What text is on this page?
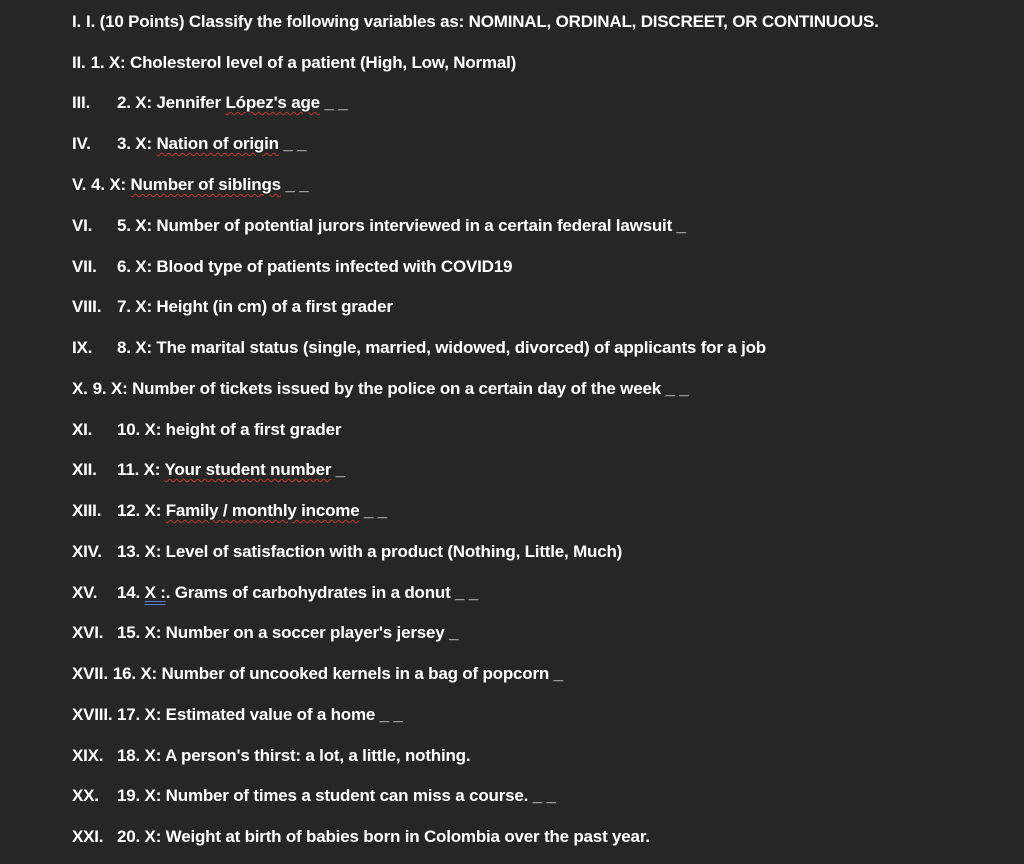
I. I. (10 Points) Classify the following variables as: NOMINAL, ORDINAL, DISCREET, OR CONTINUOUS.
II. 1. X: Cholesterol level of a patient (High, Low, Normal)
III.	2. X: Jennifer López's age _ _
IV.	3. X: Nation of origin _ _
V. 4. X: Number of siblings _ _
VI.	5. X: Number of potential jurors interviewed in a certain federal lawsuit _
VII.	6. X: Blood type of patients infected with COVID19
VIII. 7. X: Height (in cm) of a first grader
IX.	8. X: The marital status (single, married, widowed, divorced) of applicants for a job
X. 9. X: Number of tickets issued by the police on a certain day of the week _ _
XI.	10. X: height of a first grader
XII.	11. X: Your student number _
XIII. 12. X: Family / monthly income _ _
XIV. 13. X: Level of satisfaction with a product (Nothing, Little, Much)
XV.	14. X :. Grams of carbohydrates in a donut _ _
XVI. 15. X: Number on a soccer player's jersey _
XVII. 16. X: Number of uncooked kernels in a bag of popcorn _
XVIII. 17. X: Estimated value of a home _ _
XIX. 18. X: A person's thirst: a lot, a little, nothing.
XX.	19. X: Number of times a student can miss a course. _ _
XXI. 20. X: Weight at birth of babies born in Colombia over the past year.
